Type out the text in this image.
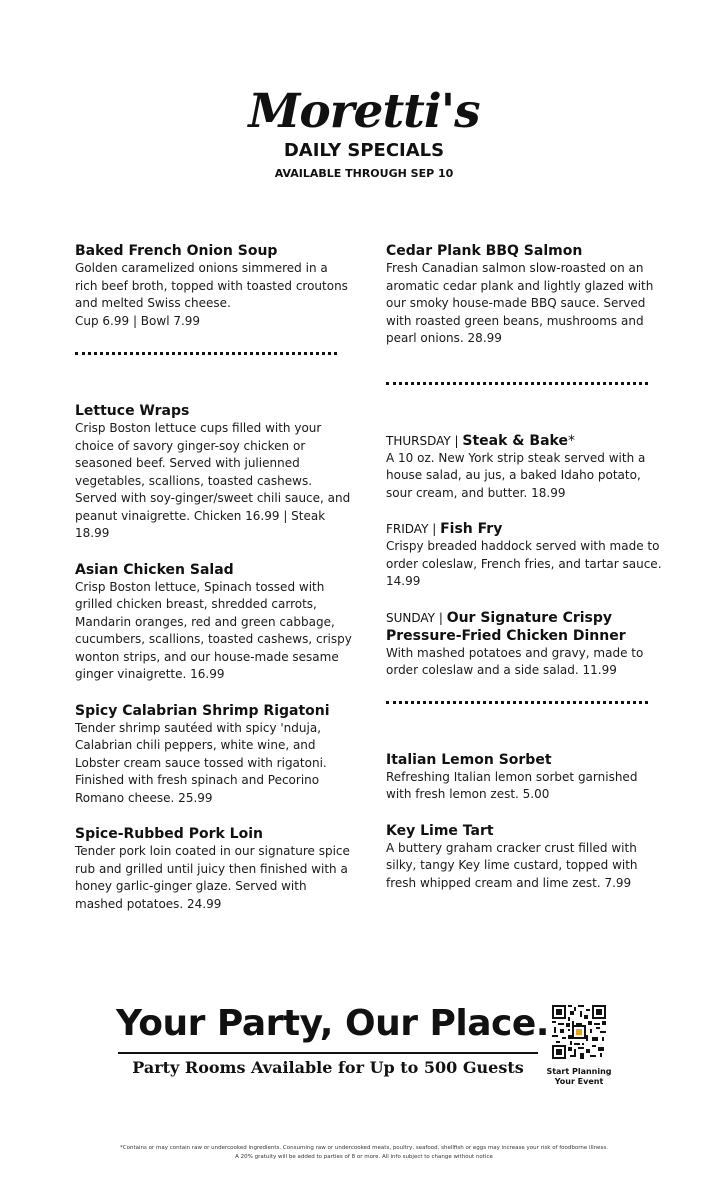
Moretti's
DAILY SPECIALS
AVAILABLE THROUGH SEP 10
Baked French Onion Soup
Golden caramelized onions simmered in a rich beef broth, topped with toasted croutons and melted Swiss cheese.
Cup 6.99 | Bowl 7.99
Lettuce Wraps
Crisp Boston lettuce cups filled with your choice of savory ginger-soy chicken or seasoned beef. Served with julienned vegetables, scallions, toasted cashews. Served with soy-ginger/sweet chili sauce, and peanut vinaigrette. Chicken 16.99 | Steak 18.99
Asian Chicken Salad
Crisp Boston lettuce, Spinach tossed with grilled chicken breast, shredded carrots, Mandarin oranges, red and green cabbage, cucumbers, scallions, toasted cashews, crispy wonton strips, and our house-made sesame ginger vinaigrette. 16.99
Spicy Calabrian Shrimp Rigatoni
Tender shrimp sautéed with spicy 'nduja, Calabrian chili peppers, white wine, and Lobster cream sauce tossed with rigatoni. Finished with fresh spinach and Pecorino Romano cheese. 25.99
Spice-Rubbed Pork Loin
Tender pork loin coated in our signature spice rub and grilled until juicy then finished with a honey garlic-ginger glaze. Served with mashed potatoes. 24.99
Cedar Plank BBQ Salmon
Fresh Canadian salmon slow-roasted on an aromatic cedar plank and lightly glazed with our smoky house-made BBQ sauce. Served with roasted green beans, mushrooms and pearl onions. 28.99
THURSDAY | Steak & Bake*
A 10 oz. New York strip steak served with a house salad, au jus, a baked Idaho potato, sour cream, and butter. 18.99
FRIDAY | Fish Fry
Crispy breaded haddock served with made to order coleslaw, French fries, and tartar sauce. 14.99
SUNDAY | Our Signature Crispy Pressure-Fried Chicken Dinner
With mashed potatoes and gravy, made to order coleslaw and a side salad. 11.99
Italian Lemon Sorbet
Refreshing Italian lemon sorbet garnished with fresh lemon zest. 5.00
Key Lime Tart
A buttery graham cracker crust filled with silky, tangy Key lime custard, topped with fresh whipped cream and lime zest. 7.99
Your Party, Our Place.
Party Rooms Available for Up to 500 Guests	Start Planning Your Event
*Contains or may contain raw or undercooked ingredients. Consuming raw or undercooked meats, poultry, seafood, shellfish or eggs may increase your risk of foodborne illness.
A 20% gratuity will be added to parties of 8 or more. All info subject to change without notice
